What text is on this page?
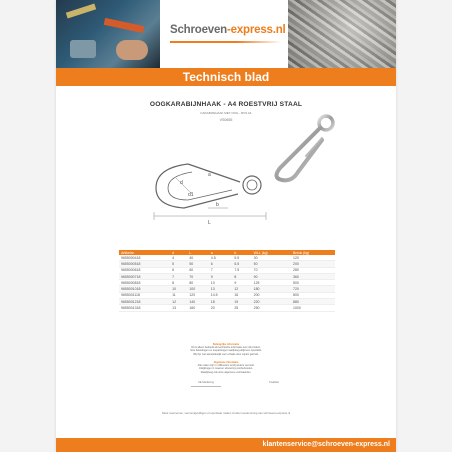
Schroeven-express.nl
Technisch blad
OOGKARABIJNHAAK - A4 ROESTVRIJ STAAL
KARABIJNHAAK MET OOG - RVS A4
VS0655
d
d1
a
b
L
Artikelnr.	d	L	a	b	WLL (kg)	Breuk (kg)
9655000418	4	40	4.5	5.5	30	120
9655000518	5	50	6	6.5	50	200
9655000618	6	60	7	7.5	70	280
9655000718	7	70	9	8	90	360
9655000818	8	80	10	9	125	500
9655001018	10	100	13	12	180	720
9655001118	11	120	14.5	16	200	800
9655001218	12	140	18	19	220	880
9655001318	13	160	20	25	250	1000
Belangrijke informatie
Dit is alleen bedoeld als technische informatie over dit product.
Voor belastingen en toepassingen raadpleeg altijd een specialist.
Wij zijn niet aansprakelijk voor schade door onjuist gebruik.
Algemene informatie
Alle maten zijn in millimeters tenzij anders vermeld.
Afwijkingen in maat en uitvoering voorbehouden.
Raadpleeg ook onze algemene voorwaarden.
CE Markering	Kwaliteit
Niets overnemen, vermenigvuldigen of openbaar maken zonder toestemming van schroeven-express.nl
klantenservice@schroeven-express.nl
